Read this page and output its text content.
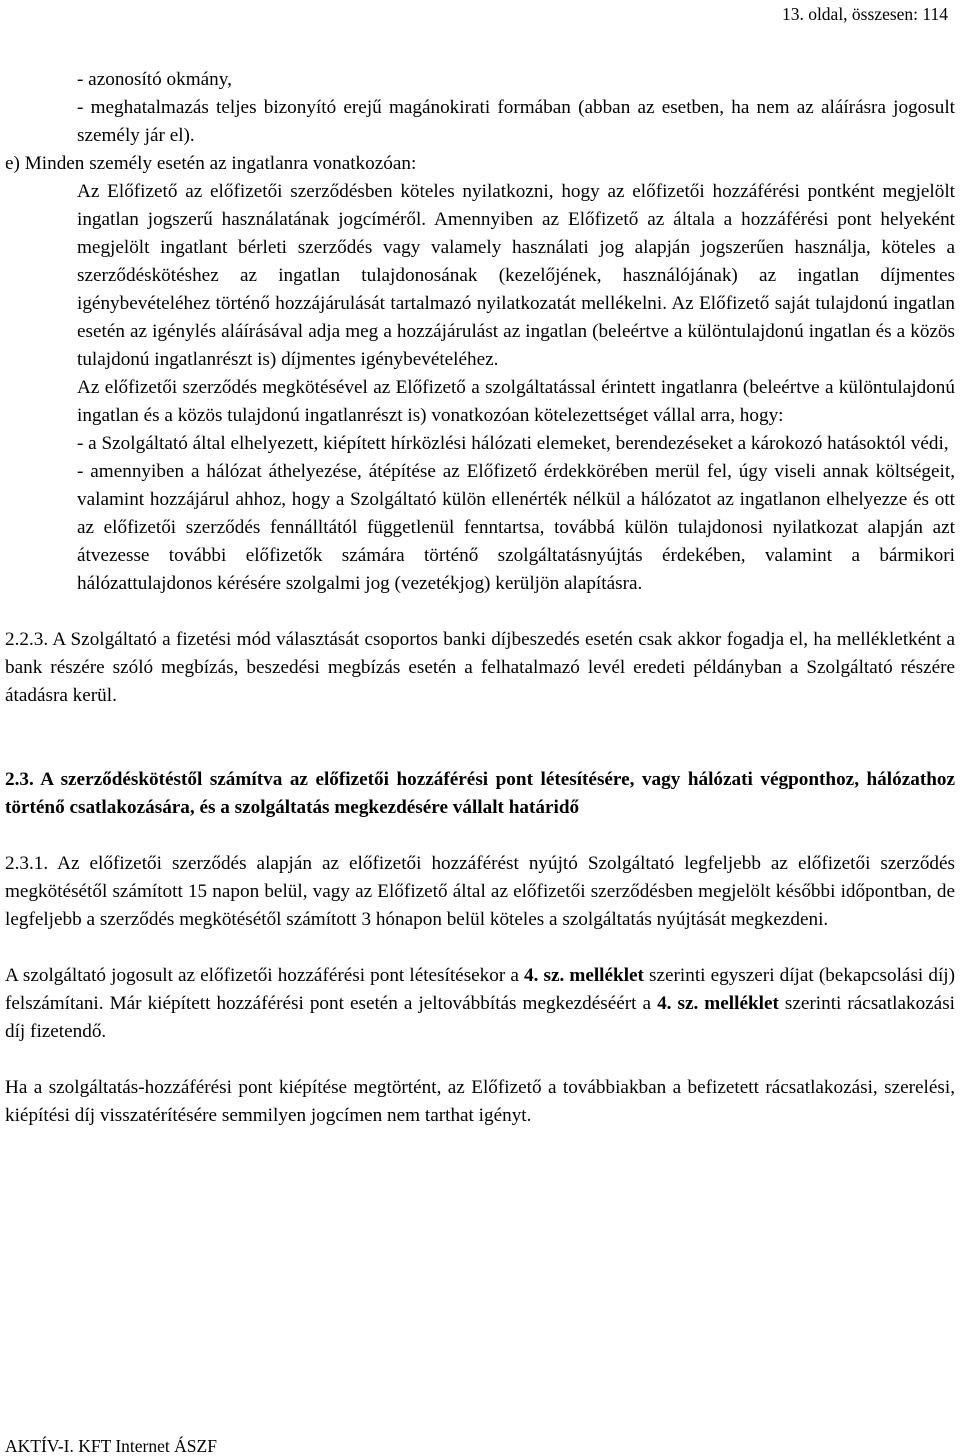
13. oldal, összesen: 114

- azonosító okmány,

- meghatalmazás teljes bizonyító erejű magánokirati formában (abban az esetben, ha nem az aláírásra jogosult személy jár el).

e) Minden személy esetén az ingatlanra vonatkozóan:

Az Előfizető az előfizetői szerződésben köteles nyilatkozni, hogy az előfizetői hozzáférési pontként megjelölt ingatlan jogszerű használatának jogcíméről. Amennyiben az Előfizető az általa a hozzáférési pont helyeként megjelölt ingatlant bérleti szerződés vagy valamely használati jog alapján jogszerűen használja, köteles a szerződéskötéshez az ingatlan tulajdonosának (kezelőjének, használójának) az ingatlan díjmentes igénybevételéhez történő hozzájárulását tartalmazó nyilatkozatát mellékelni. Az Előfizető saját tulajdonú ingatlan esetén az igénylés aláírásával adja meg a hozzájárulást az ingatlan (beleértve a különtulajdonú ingatlan és a közös tulajdonú ingatlanrészt is) díjmentes igénybevételéhez.

Az előfizetői szerződés megkötésével az Előfizető a szolgáltatással érintett ingatlanra (beleértve a különtulajdonú ingatlan és a közös tulajdonú ingatlanrészt is) vonatkozóan kötelezettséget vállal arra, hogy:

- a Szolgáltató által elhelyezett, kiépített hírközlési hálózati elemeket, berendezéseket a károkozó hatásoktól védi,

- amennyiben a hálózat áthelyezése, átépítése az Előfizető érdekkörében merül fel, úgy viseli annak költségeit, valamint hozzájárul ahhoz, hogy a Szolgáltató külön ellenérték nélkül a hálózatot az ingatlanon elhelyezze és ott az előfizetői szerződés fennálltától függetlenül fenntartsa, továbbá külön tulajdonosi nyilatkozat alapján azt átvezesse további előfizetők számára történő szolgáltatásnyújtás érdekében, valamint a bármikori hálózattulajdonos kérésére szolgalmi jog (vezetékjog) kerüljön alapításra.

2.2.3. A Szolgáltató a fizetési mód választását csoportos banki díjbeszedés esetén csak akkor fogadja el, ha mellékletként a bank részére szóló megbízás, beszedési megbízás esetén a felhatalmazó levél eredeti példányban a Szolgáltató részére átadásra kerül.

2.3. A szerződéskötéstől számítva az előfizetői hozzáférési pont létesítésére, vagy hálózati végponthoz, hálózathoz történő csatlakozására, és a szolgáltatás megkezdésére vállalt határidő

2.3.1. Az előfizetői szerződés alapján az előfizetői hozzáférést nyújtó Szolgáltató legfeljebb az előfizetői szerződés megkötésétől számított 15 napon belül, vagy az Előfizető által az előfizetői szerződésben megjelölt későbbi időpontban, de legfeljebb a szerződés megkötésétől számított 3 hónapon belül köteles a szolgáltatás nyújtását megkezdeni.

A szolgáltató jogosult az előfizetői hozzáférési pont létesítésekor a 4. sz. melléklet szerinti egyszeri díjat (bekapcsolási díj) felszámítani. Már kiépített hozzáférési pont esetén a jeltovábbítás megkezdéséért a 4. sz. melléklet szerinti rácsatlakozási díj fizetendő.

Ha a szolgáltatás-hozzáférési pont kiépítése megtörtént, az Előfizető a továbbiakban a befizetett rácsatlakozási, szerelési, kiépítési díj visszatérítésére semmilyen jogcímen nem tarthat igényt.

AKTÍV-I. KFT Internet ÁSZF
